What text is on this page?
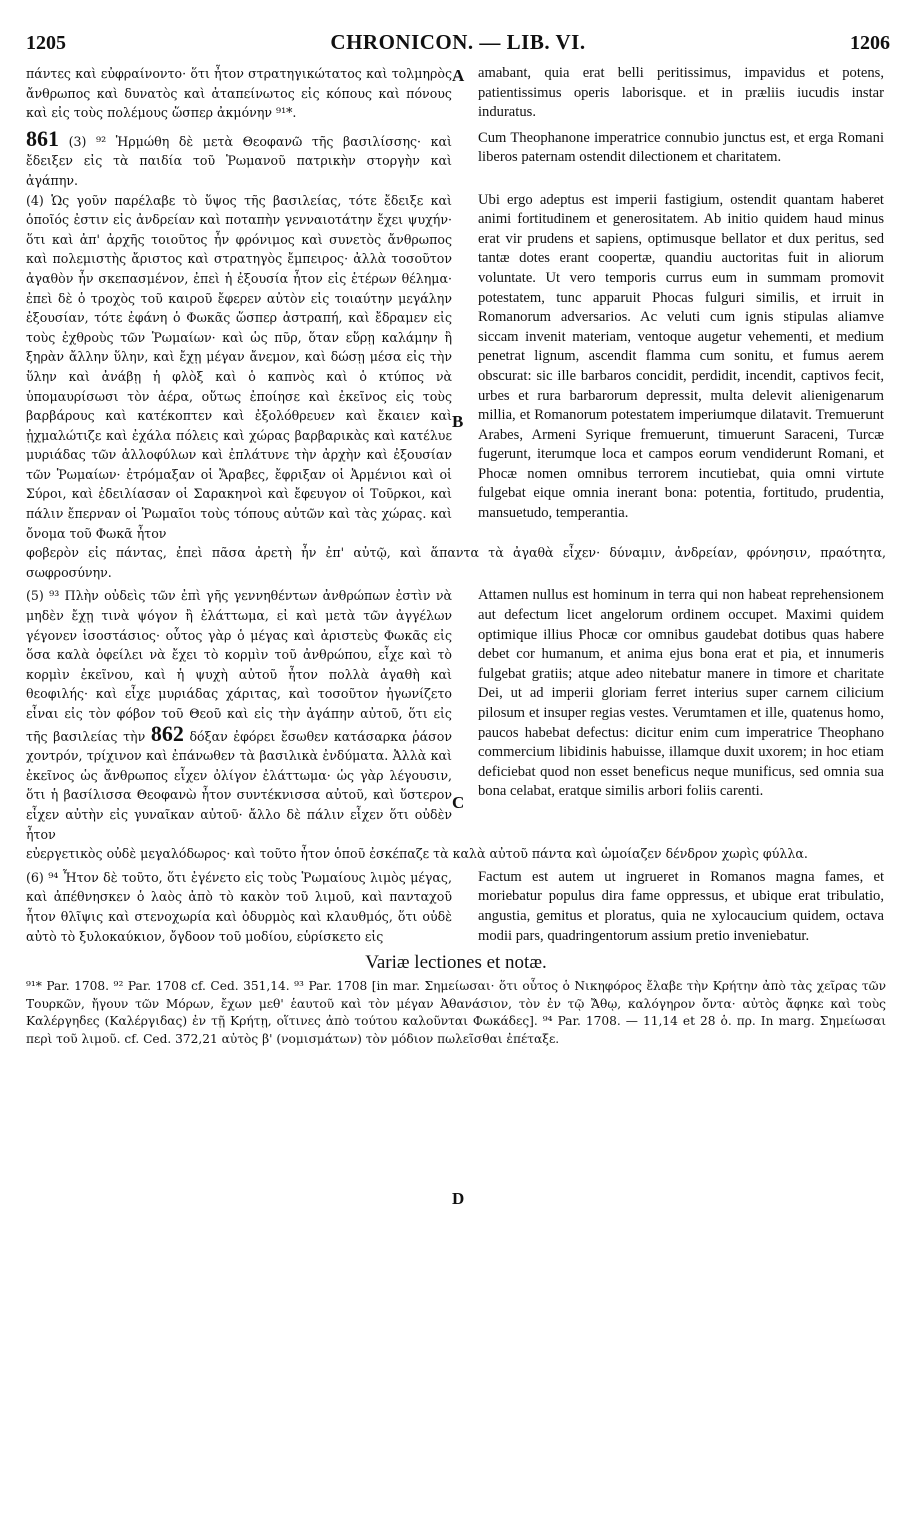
1205	CHRONICON. — LIB. VI.	1206
A
B
C
D
πάντες καὶ εὐφραίνοντο· ὅτι ἦτον στρατηγικώτατος καὶ τολμηρὸς ἄνθρωπος καὶ δυνατὸς καὶ ἀταπείνωτος εἰς κόπους καὶ πόνους καὶ εἰς τοὺς πολέμους ὥσπερ ἀκμόνην ⁹¹*.
amabant, quia erat belli peritissimus, impavidus et potens, patientissimus operis laborisque. et in præliis iucudis instar induratus.
861 (3) ⁹² Ἡρμώθη δὲ μετὰ Θεοφανῶ τῆς βασιλίσσης· καὶ ἔδειξεν εἰς τὰ παιδία τοῦ Ῥωμανοῦ πατρικὴν στοργὴν καὶ ἀγάπην.
Cum Theophanone imperatrice connubio junctus est, et erga Romani liberos paternam ostendit dilectionem et charitatem.
(4) Ὡς γοῦν παρέλαβε τὸ ὕψος τῆς βασιλείας, τότε ἔδειξε καὶ ὁποῖός ἐστιν εἰς ἀνδρείαν καὶ ποταπὴν γενναιοτάτην ἔχει ψυχήν· ὅτι καὶ ἀπ' ἀρχῆς τοιοῦτος ἦν φρόνιμος καὶ συνετὸς ἄνθρωπος καὶ πολεμιστὴς ἄριστος καὶ στρατηγὸς ἔμπειρος· ἀλλὰ τοσοῦτον ἀγαθὸν ἦν σκεπασμένον, ἐπεὶ ἡ ἐξουσία ἦτον εἰς ἑτέρων θέλημα· ἐπεὶ δὲ ὁ τροχὸς τοῦ καιροῦ ἔφερεν αὐτὸν εἰς τοιαύτην μεγάλην ἐξουσίαν, τότε ἐφάνη ὁ Φωκᾶς ὥσπερ ἀστραπή, καὶ ἔδραμεν εἰς τοὺς ἐχθροὺς τῶν Ῥωμαίων· καὶ ὡς πῦρ, ὅταν εὕρῃ καλάμην ἢ ξηρὰν ἄλλην ὕλην, καὶ ἔχῃ μέγαν ἄνεμον, καὶ δώσῃ μέσα εἰς τὴν ὕλην καὶ ἀνάβῃ ἡ φλὸξ καὶ ὁ καπνὸς καὶ ὁ κτύπος νὰ ὑπομαυρίσωσι τὸν ἀέρα, οὕτως ἐποίησε καὶ ἐκεῖνος εἰς τοὺς βαρβάρους καὶ κατέκοπτεν καὶ ἐξολόθρευεν καὶ ἔκαιεν καὶ ᾐχμαλώτιζε καὶ ἐχάλα πόλεις καὶ χώρας βαρβαρικὰς καὶ κατέλυε μυριάδας τῶν ἀλλοφύλων καὶ ἐπλάτυνε τὴν ἀρχὴν καὶ ἐξουσίαν τῶν Ῥωμαίων· ἐτρόμαξαν οἱ Ἄραβες, ἔφριξαν οἱ Ἀρμένιοι καὶ οἱ Σύροι, καὶ ἐδειλίασαν οἱ Σαρακηνοὶ καὶ ἔφευγον οἱ Τοῦρκοι, καὶ πάλιν ἔπερναν οἱ Ῥωμαῖοι τοὺς τόπους αὐτῶν καὶ τὰς χώρας. καὶ ὄνομα τοῦ Φωκᾶ ἦτον
Ubi ergo adeptus est imperii fastigium, ostendit quantam haberet animi fortitudinem et generositatem. Ab initio quidem haud minus erat vir prudens et sapiens, optimusque bellator et dux peritus, sed tantæ dotes erant coopertæ, quandiu auctoritas fuit in aliorum voluntate. Ut vero temporis currus eum in summam promovit potestatem, tunc apparuit Phocas fulguri similis, et irruit in Romanorum adversarios. Ac veluti cum ignis stipulas aliamve siccam invenit materiam, ventoque augetur vehementi, et medium penetrat lignum, ascendit flamma cum sonitu, et fumus aerem obscurat: sic ille barbaros concidit, perdidit, incendit, captivos fecit, urbes et rura barbarorum depressit, multa delevit alienigenarum millia, et Romanorum potestatem imperiumque dilatavit. Tremuerunt Arabes, Armeni Syrique fremuerunt, timuerunt Saraceni, Turcæ fugerunt, iterumque loca et campos eorum vendiderunt Romani, et Phocæ nomen omnibus terrorem incutiebat, quia omni virtute fulgebat eique omnia inerant bona: potentia, fortitudo, prudentia, mansuetudo, temperantia.
φοβερὸν εἰς πάντας, ἐπεὶ πᾶσα ἀρετὴ ἦν ἐπ' αὐτῷ, καὶ ἅπαντα τὰ ἀγαθὰ εἶχεν· δύναμιν, ἀνδρείαν, φρόνησιν, πραότητα, σωφροσύνην.
(5) ⁹³ Πλὴν οὐδεὶς τῶν ἐπὶ γῆς γεννηθέντων ἀνθρώπων ἐστὶν νὰ μηδὲν ἔχῃ τινὰ ψόγον ἢ ἐλάττωμα, εἰ καὶ μετὰ τῶν ἀγγέλων γέγονεν ἰσοστάσιος· οὗτος γὰρ ὁ μέγας καὶ ἀριστεὺς Φωκᾶς εἰς ὅσα καλὰ ὀφείλει νὰ ἔχει τὸ κορμὶν τοῦ ἀνθρώπου, εἶχε καὶ τὸ κορμὶν ἐκεῖνου, καὶ ἡ ψυχὴ αὐτοῦ ἦτον πολλὰ ἀγαθὴ καὶ θεοφιλής· καὶ εἶχε μυριάδας χάριτας, καὶ τοσοῦτον ἠγωνίζετο εἶναι εἰς τὸν φόβον τοῦ Θεοῦ καὶ εἰς τὴν ἀγάπην αὐτοῦ, ὅτι εἰς τῆς βασιλείας τὴν 862 δόξαν ἐφόρει ἔσωθεν κατάσαρκα ῥάσον χοντρόν, τρίχινον καὶ ἐπάνωθεν τὰ βασιλικὰ ἐνδύματα. Ἀλλὰ καὶ ἐκεῖνος ὡς ἄνθρωπος εἶχεν ὀλίγον ἐλάττωμα· ὡς γὰρ λέγουσιν, ὅτι ἡ βασίλισσα Θεοφανὼ ἦτον συντέκνισσα αὐτοῦ, καὶ ὕστερον εἶχεν αὐτὴν εἰς γυναῖκαν αὐτοῦ· ἄλλο δὲ πάλιν εἶχεν ὅτι οὐδὲν ἦτον
Attamen nullus est hominum in terra qui non habeat reprehensionem aut defectum licet angelorum ordinem occupet. Maximi quidem optimique illius Phocæ cor omnibus gaudebat dotibus quas habere debet cor humanum, et anima ejus bona erat et pia, et innumeris fulgebat gratiis; atque adeo nitebatur manere in timore et charitate Dei, ut ad imperii gloriam ferret interius super carnem cilicium pilosum et insuper regias vestes. Verumtamen et ille, quatenus homo, paucos habebat defectus: dicitur enim cum imperatrice Theophano commercium libidinis habuisse, illamque duxit uxorem; in hoc etiam deficiebat quod non esset beneficus neque munificus, sed omnia sua bona celabat, eratque similis arbori foliis carenti.
εὐεργετικὸς οὐδὲ μεγαλόδωρος· καὶ τοῦτο ἦτον ὁποῦ ἐσκέπαζε τὰ καλὰ αὐτοῦ πάντα καὶ ὡμοίαζεν δένδρον χωρὶς φύλλα.
(6) ⁹⁴ Ἦτον δὲ τοῦτο, ὅτι ἐγένετο εἰς τοὺς Ῥωμαίους λιμὸς μέγας, καὶ ἀπέθνησκεν ὁ λαὸς ἀπὸ τὸ κακὸν τοῦ λιμοῦ, καὶ πανταχοῦ ἦτον θλῖψις καὶ στενοχωρία καὶ ὀδυρμὸς καὶ κλαυθμός, ὅτι οὐδὲ αὐτὸ τὸ ξυλοκαύκιον, ὄγδοον τοῦ μοδίου, εὑρίσκετο εἰς
Factum est autem ut ingrueret in Romanos magna fames, et moriebatur populus dira fame oppressus, et ubique erat tribulatio, angustia, gemitus et ploratus, quia ne xylocaucium quidem, octava modii pars, quadringentorum assium pretio inveniebatur.
Variæ lectiones et notæ.
⁹¹* Par. 1708. ⁹² Par. 1708 cf. Ced. 351,14. ⁹³ Par. 1708 [in mar. Σημείωσαι· ὅτι οὗτος ὁ Νικηφόρος ἔλαβε τὴν Κρήτην ἀπὸ τὰς χεῖρας τῶν Τουρκῶν, ἤγουν τῶν Μόρων, ἔχων μεθ' ἑαυτοῦ καὶ τὸν μέγαν Ἀθανάσιον, τὸν ἐν τῷ Ἄθῳ, καλόγηρον ὄντα· αὐτὸς ἄφηκε καὶ τοὺς Καλέργηδες (Καλέργιδας) ἐν τῇ Κρήτῃ, οἵτινες ἀπὸ τούτου καλοῦνται Φωκάδες]. ⁹⁴ Par. 1708. — 11,14 et 28 ὁ. πρ. In marg. Σημείωσαι περὶ τοῦ λιμοῦ. cf. Ced. 372,21 αὐτὸς β' (νομισμάτων) τὸν μόδιον πωλεῖσθαι ἐπέταξε.
